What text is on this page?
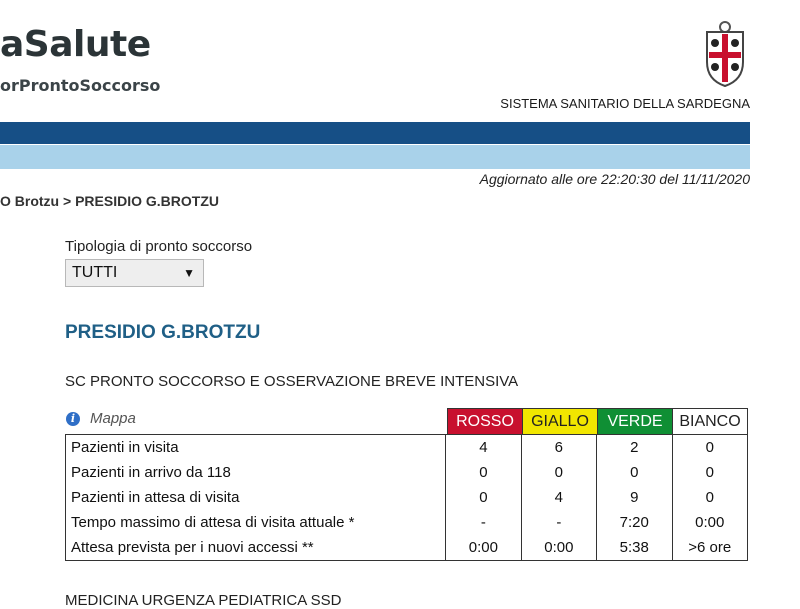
aSalute
orProntoSoccorso
SISTEMA SANITARIO DELLA SARDEGNA
Aggiornato alle ore 22:20:30 del 11/11/2020
O Brotzu > PRESIDIO G.BROTZU
Tipologia di pronto soccorso
TUTTI	▼
PRESIDIO G.BROTZU
SC PRONTO SOCCORSO E OSSERVAZIONE BREVE INTENSIVA
i Mappa	ROSSO	GIALLO	VERDE	BIANCO
Pazienti in visita	4	6	2	0
Pazienti in arrivo da 118	0	0	0	0
Pazienti in attesa di visita	0	4	9	0
Tempo massimo di attesa di visita attuale *	-	-	7:20	0:00
Attesa prevista per i nuovi accessi **	0:00	0:00	5:38	>6 ore
MEDICINA URGENZA PEDIATRICA SSD
